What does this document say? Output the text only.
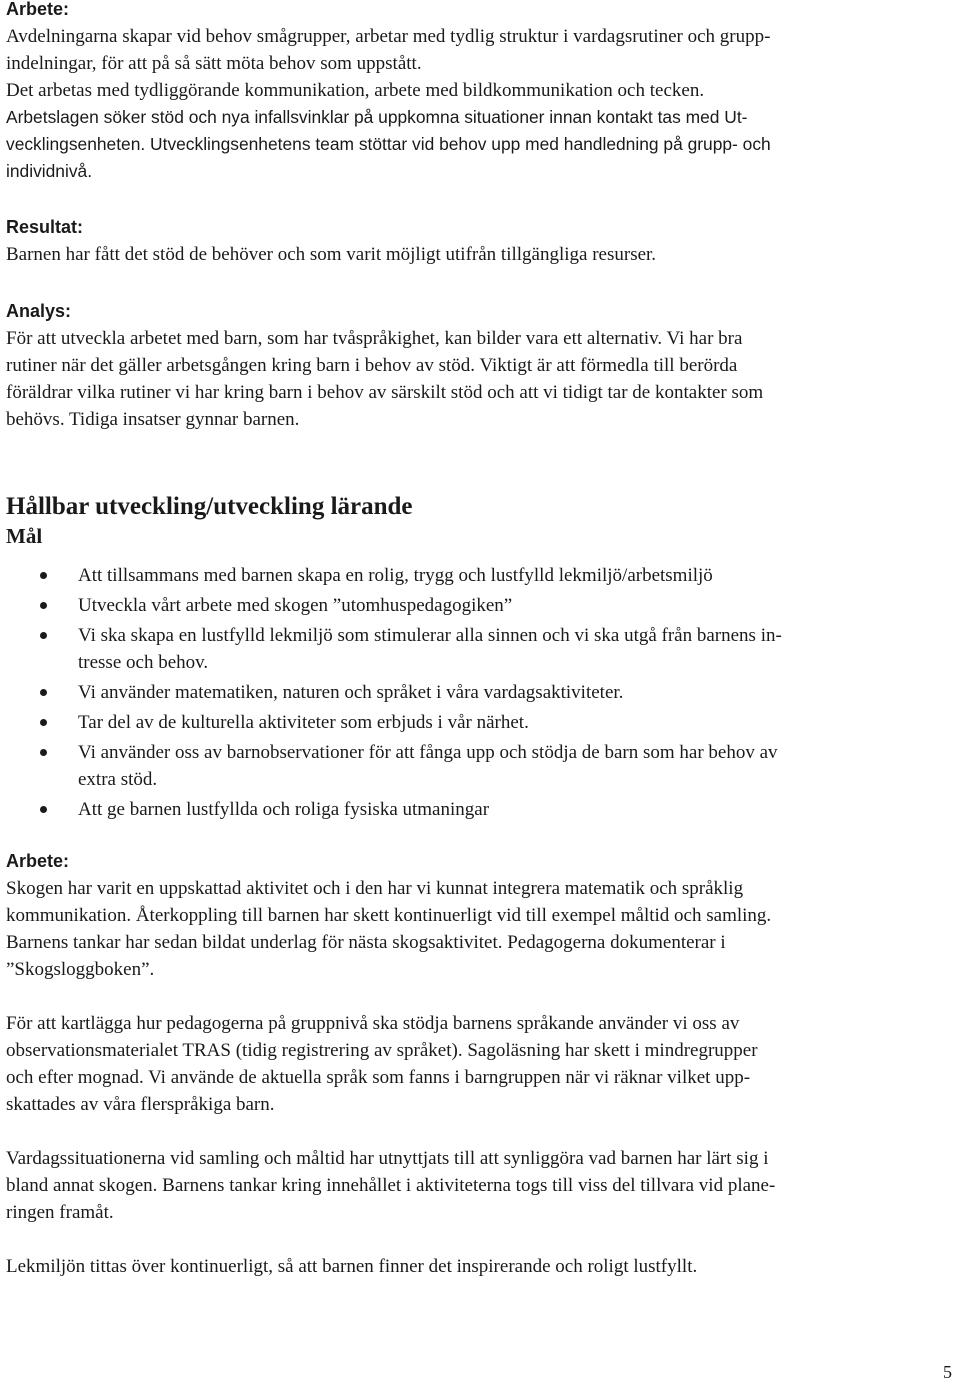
Arbete:
Avdelningarna skapar vid behov smågrupper, arbetar med tydlig struktur i vardagsrutiner och grupp-
indelningar, för att på så sätt möta behov som uppstått.
Det arbetas med tydliggörande kommunikation, arbete med bildkommunikation och tecken.
Arbetslagen söker stöd och nya infallsvinklar på uppkomna situationer innan kontakt tas med Ut-
vecklingsenheten. Utvecklingsenhetens team stöttar vid behov upp med handledning på grupp- och
individnivå.
Resultat:
Barnen har fått det stöd de behöver och som varit möjligt utifrån tillgängliga resurser.
Analys:
För att utveckla arbetet med barn, som har tvåspråkighet, kan bilder vara ett alternativ. Vi har bra
rutiner när det gäller arbetsgången kring barn i behov av stöd. Viktigt är att förmedla till berörda
föräldrar vilka rutiner vi har kring barn i behov av särskilt stöd och att vi tidigt tar de kontakter som
behövs. Tidiga insatser gynnar barnen.
Hållbar utveckling/utveckling lärande
Mål
Att tillsammans med barnen skapa en rolig, trygg och lustfylld lekmiljö/arbetsmiljö
Utveckla vårt arbete med skogen ”utomhuspedagogiken”
Vi ska skapa en lustfylld lekmiljö som stimulerar alla sinnen och vi ska utgå från barnens in-
tresse och behov.
Vi använder matematiken, naturen och språket i våra vardagsaktiviteter.
Tar del av de kulturella aktiviteter som erbjuds i vår närhet.
Vi använder oss av barnobservationer för att fånga upp och stödja de barn som har behov av
extra stöd.
Att ge barnen lustfyllda och roliga fysiska utmaningar
Arbete:
Skogen har varit en uppskattad aktivitet och i den har vi kunnat integrera matematik och språklig
kommunikation. Återkoppling till barnen har skett kontinuerligt vid till exempel måltid och samling.
Barnens tankar har sedan bildat underlag för nästa skogsaktivitet. Pedagogerna dokumenterar i
”Skogsloggboken”.
För att kartlägga hur pedagogerna på gruppnivå ska stödja barnens språkande använder vi oss av
observationsmaterialet TRAS (tidig registrering av språket). Sagoläsning har skett i mindregrupper
och efter mognad. Vi använde de aktuella språk som fanns i barngruppen när vi räknar vilket upp-
skattades av våra flerspråkiga barn.
Vardagssituationerna vid samling och måltid har utnyttjats till att synliggöra vad barnen har lärt sig i
bland annat skogen. Barnens tankar kring innehållet i aktiviteterna togs till viss del tillvara vid plane-
ringen framåt.
Lekmiljön tittas över kontinuerligt, så att barnen finner det inspirerande och roligt lustfyllt.
5
